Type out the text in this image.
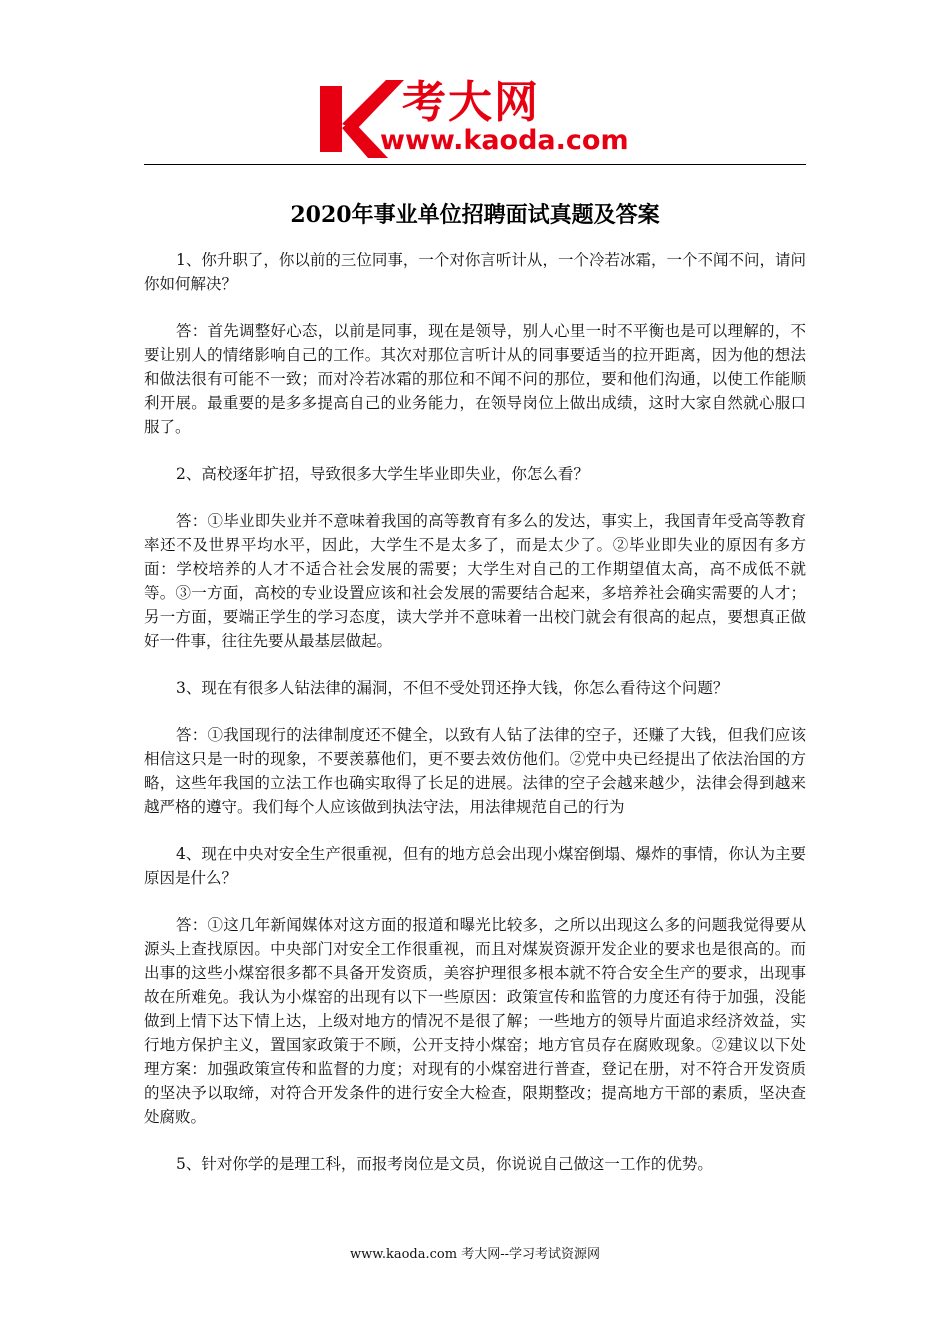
考大网
www.kaoda.com
2020年事业单位招聘面试真题及答案

1、你升职了，你以前的三位同事，一个对你言听计从，一个冷若冰霜，一个不闻不问，请问你如何解决？

答：首先调整好心态，以前是同事，现在是领导，别人心里一时不平衡也是可以理解的，不要让别人的情绪影响自己的工作。其次对那位言听计从的同事要适当的拉开距离，因为他的想法和做法很有可能不一致；而对冷若冰霜的那位和不闻不问的那位，要和他们沟通，以使工作能顺利开展。最重要的是多多提高自己的业务能力，在领导岗位上做出成绩，这时大家自然就心服口服了。

2、高校逐年扩招，导致很多大学生毕业即失业，你怎么看？

答：①毕业即失业并不意味着我国的高等教育有多么的发达，事实上，我国青年受高等教育率还不及世界平均水平，因此，大学生不是太多了，而是太少了。②毕业即失业的原因有多方面：学校培养的人才不适合社会发展的需要；大学生对自己的工作期望值太高，高不成低不就等。③一方面，高校的专业设置应该和社会发展的需要结合起来，多培养社会确实需要的人才；另一方面，要端正学生的学习态度，读大学并不意味着一出校门就会有很高的起点，要想真正做好一件事，往往先要从最基层做起。

3、现在有很多人钻法律的漏洞，不但不受处罚还挣大钱，你怎么看待这个问题？

答：①我国现行的法律制度还不健全，以致有人钻了法律的空子，还赚了大钱，但我们应该相信这只是一时的现象，不要羡慕他们，更不要去效仿他们。②党中央已经提出了依法治国的方略，这些年我国的立法工作也确实取得了长足的进展。法律的空子会越来越少，法律会得到越来越严格的遵守。我们每个人应该做到执法守法，用法律规范自己的行为

4、现在中央对安全生产很重视，但有的地方总会出现小煤窑倒塌、爆炸的事情，你认为主要原因是什么？

答：①这几年新闻媒体对这方面的报道和曝光比较多，之所以出现这么多的问题我觉得要从源头上查找原因。中央部门对安全工作很重视，而且对煤炭资源开发企业的要求也是很高的。而出事的这些小煤窑很多都不具备开发资质，美容护理很多根本就不符合安全生产的要求，出现事故在所难免。我认为小煤窑的出现有以下一些原因：政策宣传和监管的力度还有待于加强，没能做到上情下达下情上达，上级对地方的情况不是很了解；一些地方的领导片面追求经济效益，实行地方保护主义，置国家政策于不顾，公开支持小煤窑；地方官员存在腐败现象。②建议以下处理方案：加强政策宣传和监督的力度；对现有的小煤窑进行普查，登记在册，对不符合开发资质的坚决予以取缔，对符合开发条件的进行安全大检查，限期整改；提高地方干部的素质，坚决查处腐败。

5、针对你学的是理工科，而报考岗位是文员，你说说自己做这一工作的优势。

www.kaoda.com 考大网--学习考试资源网
